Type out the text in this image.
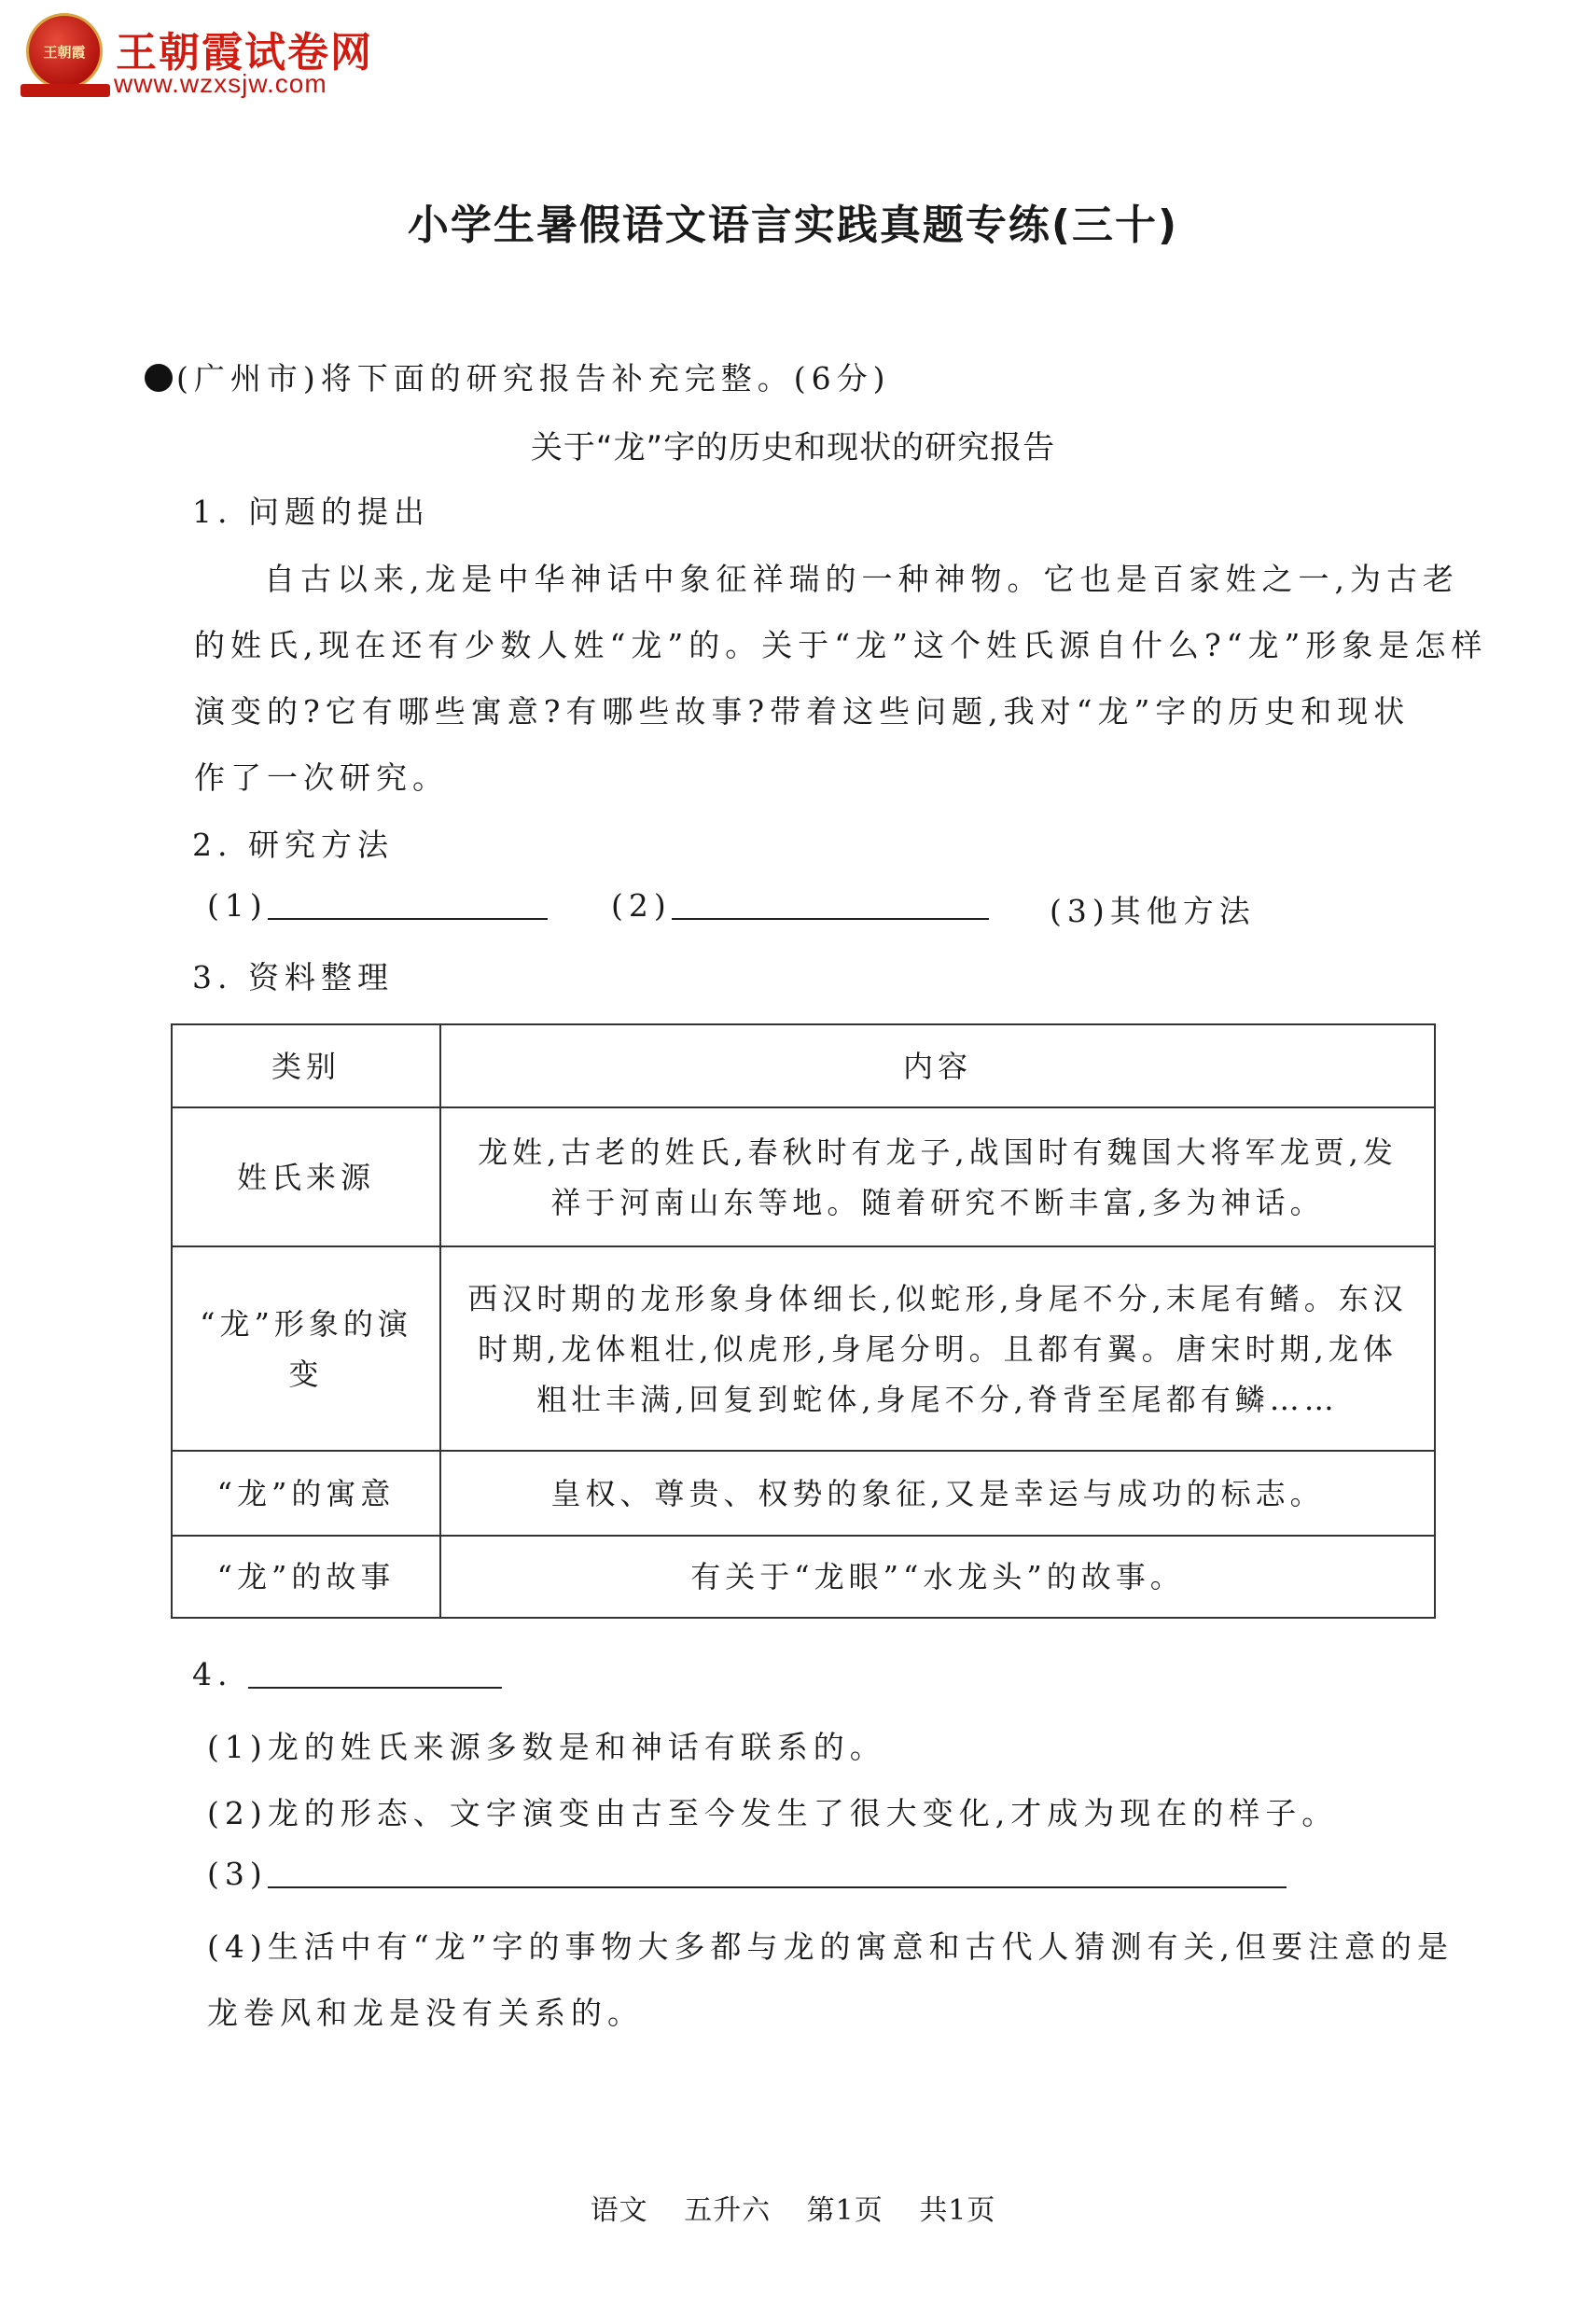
王朝霞 王朝霞试卷网
www.wzxsjw.com
小学生暑假语文语言实践真题专练(三十)
(广州市)将下面的研究报告补充完整。(6分)
关于“龙”字的历史和现状的研究报告
1. 问题的提出
自古以来,龙是中华神话中象征祥瑞的一种神物。它也是百家姓之一,为古老
的姓氏,现在还有少数人姓“龙”的。关于“龙”这个姓氏源自什么?“龙”形象是怎样
演变的?它有哪些寓意?有哪些故事?带着这些问题,我对“龙”字的历史和现状
作了一次研究。
2. 研究方法
(1)	(2)	(3)其他方法
3. 资料整理
类别	内容
姓氏来源	龙姓,古老的姓氏,春秋时有龙子,战国时有魏国大将军龙贾,发
祥于河南山东等地。随着研究不断丰富,多为神话。

“龙”形象的演变	西汉时期的龙形象身体细长,似蛇形,身尾不分,末尾有鳍。东汉
时期,龙体粗壮,似虎形,身尾分明。且都有翼。唐宋时期,龙体
粗壮丰满,回复到蛇体,身尾不分,脊背至尾都有鳞……

“龙”的寓意	皇权、尊贵、权势的象征,又是幸运与成功的标志。

“龙”的故事	有关于“龙眼”“水龙头”的故事。
4.
(1)龙的姓氏来源多数是和神话有联系的。
(2)龙的形态、文字演变由古至今发生了很大变化,才成为现在的样子。
(3)
(4)生活中有“龙”字的事物大多都与龙的寓意和古代人猜测有关,但要注意的是
龙卷风和龙是没有关系的。
语文 五升六 第1页 共1页
